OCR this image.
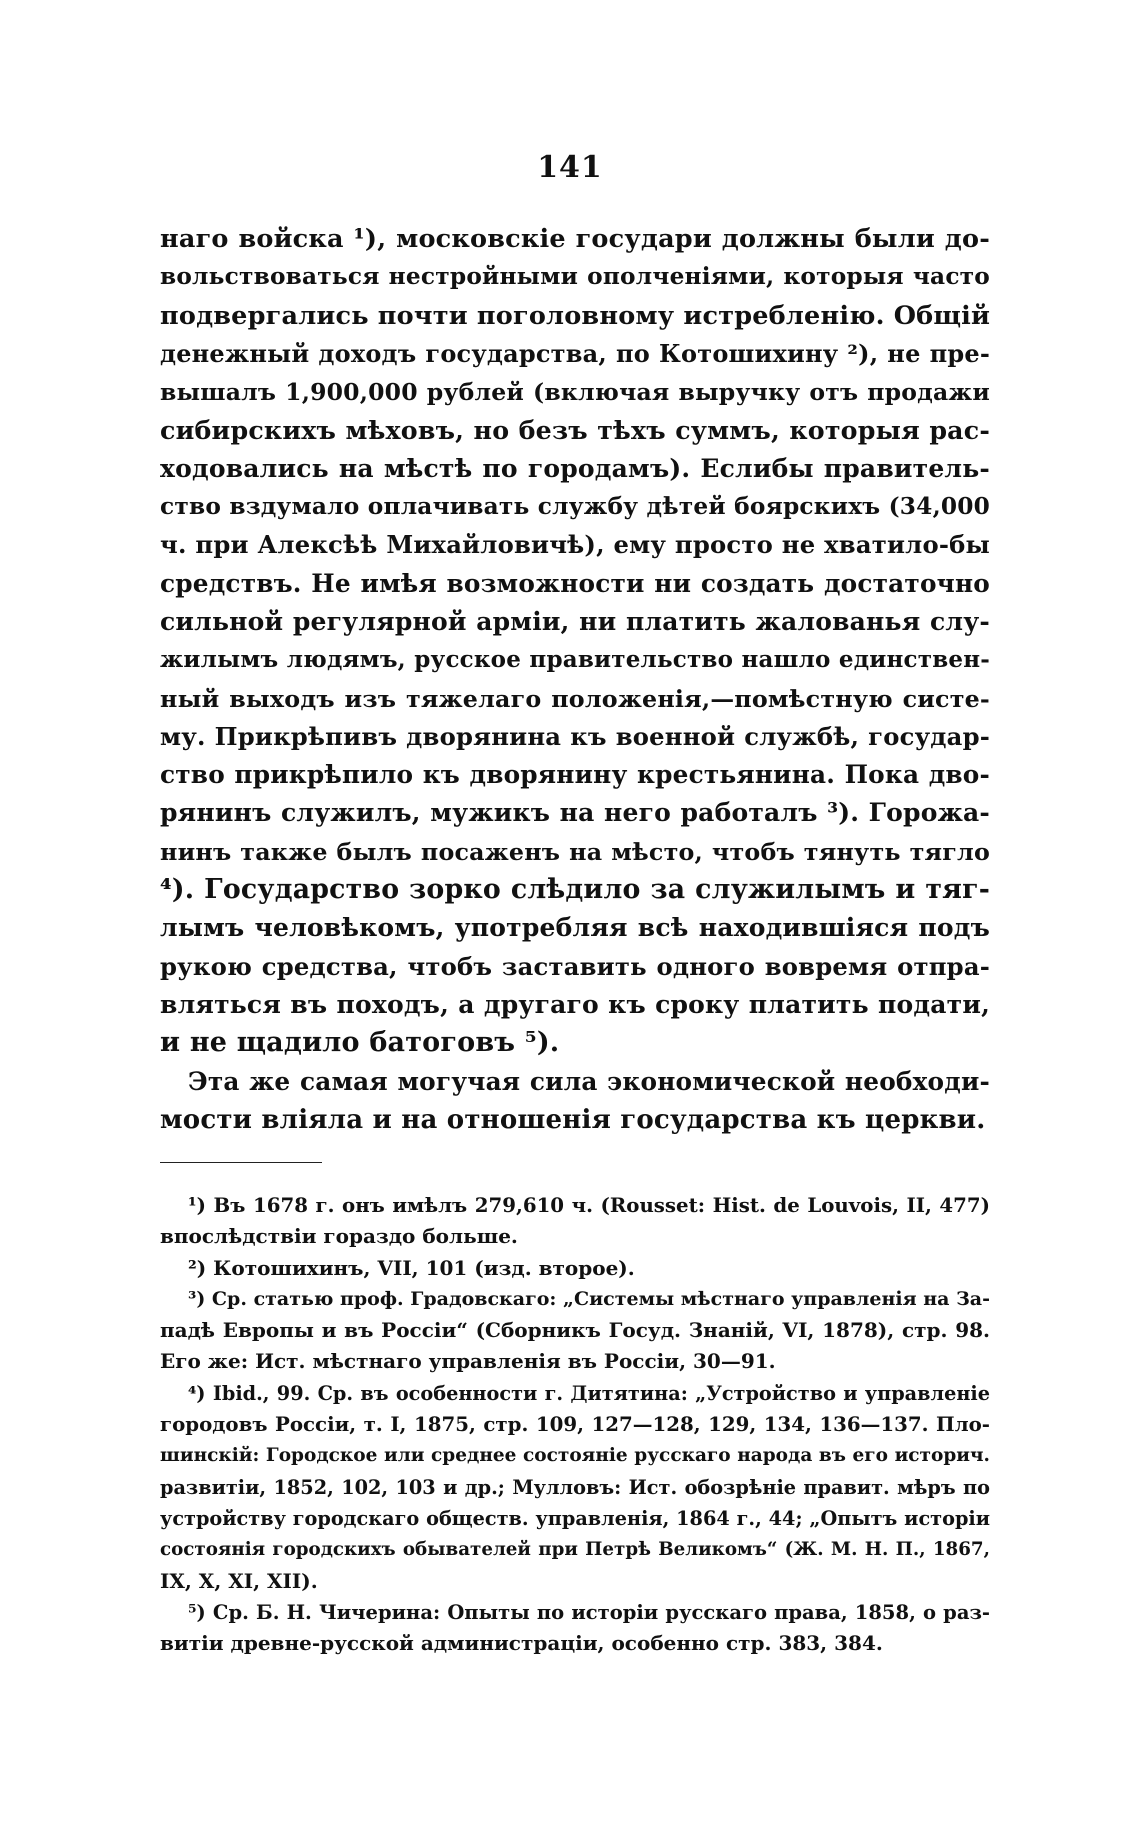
141
наго войска ¹), московскіе государи должны были до-
вольствоваться нестройными ополченіями, которыя часто
подвергались почти поголовному истребленію. Общій
денежный доходъ государства, по Котошихину ²), не пре-
вышалъ 1,900,000 рублей (включая выручку отъ продажи
сибирскихъ мѣховъ, но безъ тѣхъ суммъ, которыя рас-
ходовались на мѣстѣ по городамъ). Еслибы правитель-
ство вздумало оплачивать службу дѣтей боярскихъ (34,000
ч. при Алексѣѣ Михайловичѣ), ему просто не хватило-бы
средствъ. Не имѣя возможности ни создать достаточно
сильной регулярной арміи, ни платить жалованья слу-
жилымъ людямъ, русское правительство нашло единствен-
ный выходъ изъ тяжелаго положенія,—помѣстную систе-
му. Прикрѣпивъ дворянина къ военной службѣ, государ-
ство прикрѣпило къ дворянину крестьянина. Пока дво-
рянинъ служилъ, мужикъ на него работалъ ³). Горожа-
нинъ также былъ посаженъ на мѣсто, чтобъ тянуть тягло
⁴). Государство зорко слѣдило за служилымъ и тяг-
лымъ человѣкомъ, употребляя всѣ находившіяся подъ
рукою средства, чтобъ заставить одного вовремя отпра-
вляться въ походъ, а другаго къ сроку платить подати,
и не щадило батоговъ ⁵).
Эта же самая могучая сила экономической необходи-
мости вліяла и на отношенія государства къ церкви.
¹) Въ 1678 г. онъ имѣлъ 279,610 ч. (Rousset: Hist. de Louvois, II, 477)
впослѣдствіи гораздо больше.
²) Котошихинъ, VII, 101 (изд. второе).
³) Ср. статью проф. Градовскаго: „Системы мѣстнаго управленія на За-
падѣ Европы и въ Россіи“ (Сборникъ Госуд. Знаній, VI, 1878), стр. 98.
Его же: Ист. мѣстнаго управленія въ Россіи, 30—91.
⁴) Ibid., 99. Ср. въ особенности г. Дитятина: „Устройство и управленіе
городовъ Россіи, т. I, 1875, стр. 109, 127—128, 129, 134, 136—137. Пло-
шинскій: Городское или среднее состояніе русскаго народа въ его историч.
развитіи, 1852, 102, 103 и др.; Мулловъ: Ист. обозрѣніе правит. мѣръ по
устройству городскаго обществ. управленія, 1864 г., 44; „Опытъ исторіи
состоянія городскихъ обывателей при Петрѣ Великомъ“ (Ж. М. Н. П., 1867,
IX, X, XI, XII).
⁵) Ср. Б. Н. Чичерина: Опыты по исторіи русскаго права, 1858, о раз-
витіи древне-русской администраціи, особенно стр. 383, 384.
